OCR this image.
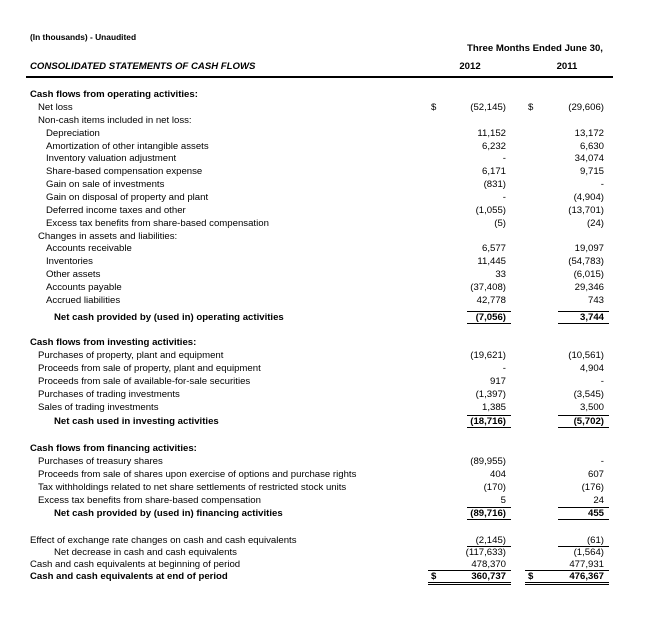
(In thousands) - Unaudited
Three Months Ended June 30,
CONSOLIDATED STATEMENTS OF CASH FLOWS	2012	2011
Cash flows from operating activities:
Net loss	(52,145)	(29,606)
$	$
Non-cash items included in net loss:
Depreciation	11,152	13,172
Amortization of other intangible assets	6,232	6,630
Inventory valuation adjustment	-	34,074
Share-based compensation expense	6,171	9,715
Gain on sale of investments	(831)	-
Gain on disposal of property and plant	-	(4,904)
Deferred income taxes and other	(1,055)	(13,701)
Excess tax benefits from share-based compensation	(5)	(24)
Changes in assets and liabilities:
Accounts receivable	6,577	19,097
Inventories	11,445	(54,783)
Other assets	33	(6,015)
Accounts payable	(37,408)	29,346
Accrued liabilities	42,778	743
Net cash provided by (used in) operating activities	(7,056)	3,744
Cash flows from investing activities:
Purchases of property, plant and equipment	(19,621)	(10,561)
Proceeds from sale of property, plant and equipment	-	4,904
Proceeds from sale of available-for-sale securities	917	-
Purchases of trading investments	(1,397)	(3,545)
Sales of trading investments	1,385	3,500
Net cash used in investing activities	(18,716)	(5,702)
Cash flows from financing activities:
Purchases of treasury shares	(89,955)	-
Proceeds from sale of shares upon exercise of options and purchase rights	404	607
Tax withholdings related to net share settlements of restricted stock units	(170)	(176)
Excess tax benefits from share-based compensation	5	24
Net cash provided by (used in) financing activities	(89,716)	455
Effect of exchange rate changes on cash and cash equivalents	(2,145)	(61)
Net decrease in cash and cash equivalents	(117,633)	(1,564)
Cash and cash equivalents at beginning of period	478,370	477,931
Cash and cash equivalents at end of period	$	360,737 $	476,367
